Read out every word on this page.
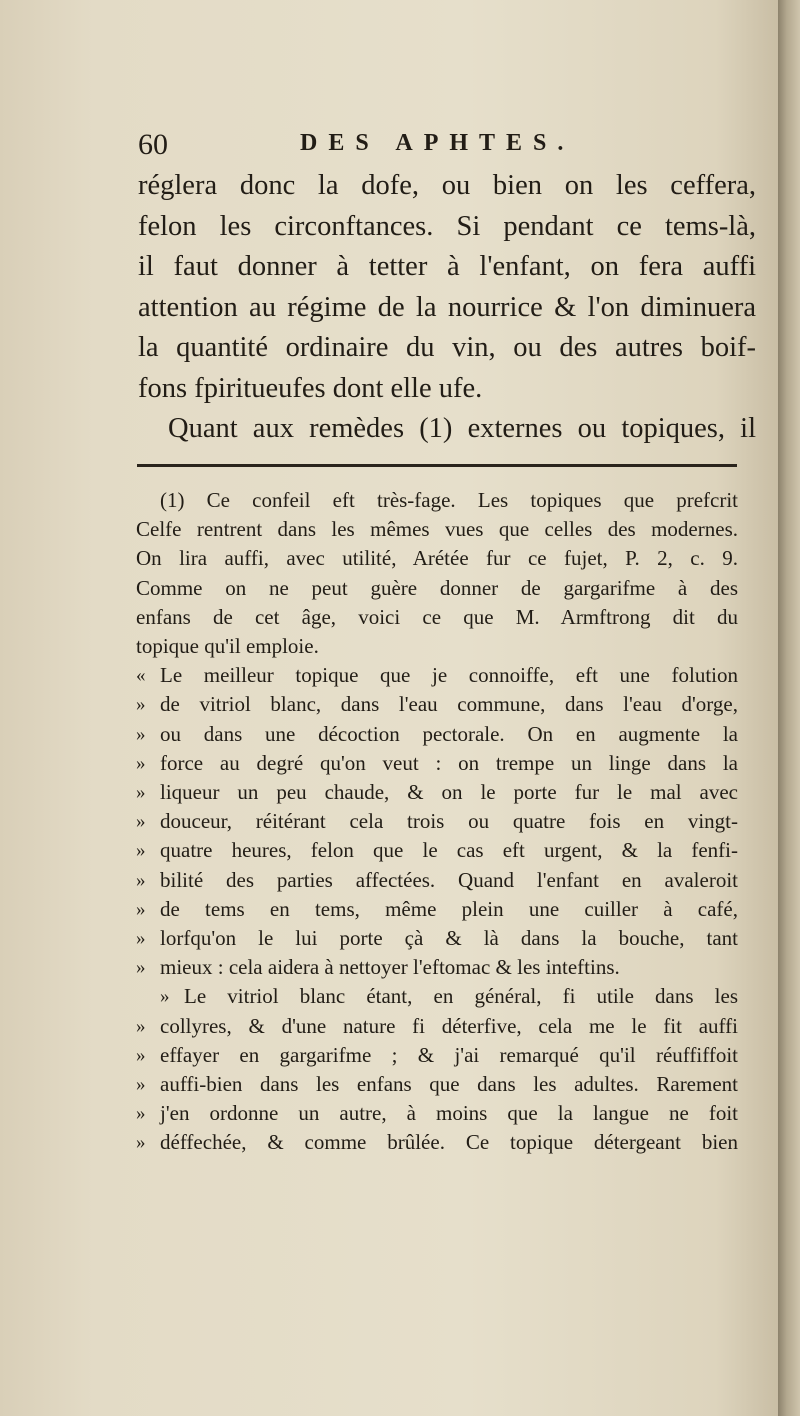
60	DES APHTES.
réglera donc la dofe, ou bien on les ceffera,
felon les circonftances. Si pendant ce tems-là,
il faut donner à tetter à l'enfant, on fera auffi
attention au régime de la nourrice & l'on diminuera
la quantité ordinaire du vin, ou des autres boif-
fons fpiritueufes dont elle ufe.
Quant aux remèdes (1) externes ou topiques, il
(1) Ce confeil eft très-fage. Les topiques que prefcrit
Celfe rentrent dans les mêmes vues que celles des modernes.
On lira auffi, avec utilité, Arétée fur ce fujet, P. 2, c. 9.
Comme on ne peut guère donner de gargarifme à des
enfans de cet âge, voici ce que M. Armftrong dit du
topique qu'il emploie.
« Le meilleur topique que je connoiffe, eft une folution
» de vitriol blanc, dans l'eau commune, dans l'eau d'orge,
» ou dans une décoction pectorale. On en augmente la
» force au degré qu'on veut : on trempe un linge dans la
» liqueur un peu chaude, & on le porte fur le mal avec
» douceur, réitérant cela trois ou quatre fois en vingt-
» quatre heures, felon que le cas eft urgent, & la fenfi-
» bilité des parties affectées. Quand l'enfant en avaleroit
» de tems en tems, même plein une cuiller à café,
» lorfqu'on le lui porte çà & là dans la bouche, tant
» mieux : cela aidera à nettoyer l'eftomac & les inteftins.
» Le vitriol blanc étant, en général, fi utile dans les
» collyres, & d'une nature fi déterfive, cela me le fit auffi
» effayer en gargarifme ; & j'ai remarqué qu'il réuffiffoit
» auffi-bien dans les enfans que dans les adultes. Rarement
» j'en ordonne un autre, à moins que la langue ne foit
» déffechée, & comme brûlée. Ce topique détergeant bien
